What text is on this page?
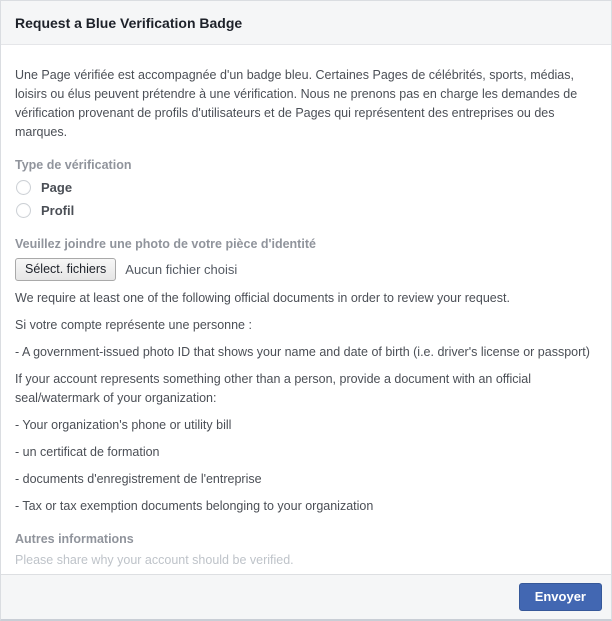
Request a Blue Verification Badge

Une Page vérifiée est accompagnée d'un badge bleu. Certaines Pages de célébrités, sports, médias, loisirs ou élus peuvent prétendre à une vérification. Nous ne prenons pas en charge les demandes de vérification provenant de profils d'utilisateurs et de Pages qui représentent des entreprises ou des marques.

Type de vérification
Page
Profil
Veuillez joindre une photo de votre pièce d'identité
Sélect. fichiers	Aucun fichier choisi

We require at least one of the following official documents in order to review your request.

Si votre compte représente une personne :

- A government-issued photo ID that shows your name and date of birth (i.e. driver's license or passport)

If your account represents something other than a person, provide a document with an official seal/watermark of your organization:

- Your organization's phone or utility bill

- un certificat de formation

- documents d'enregistrement de l'entreprise

- Tax or tax exemption documents belonging to your organization

Autres informations
Please share why your account should be verified.
Envoyer
